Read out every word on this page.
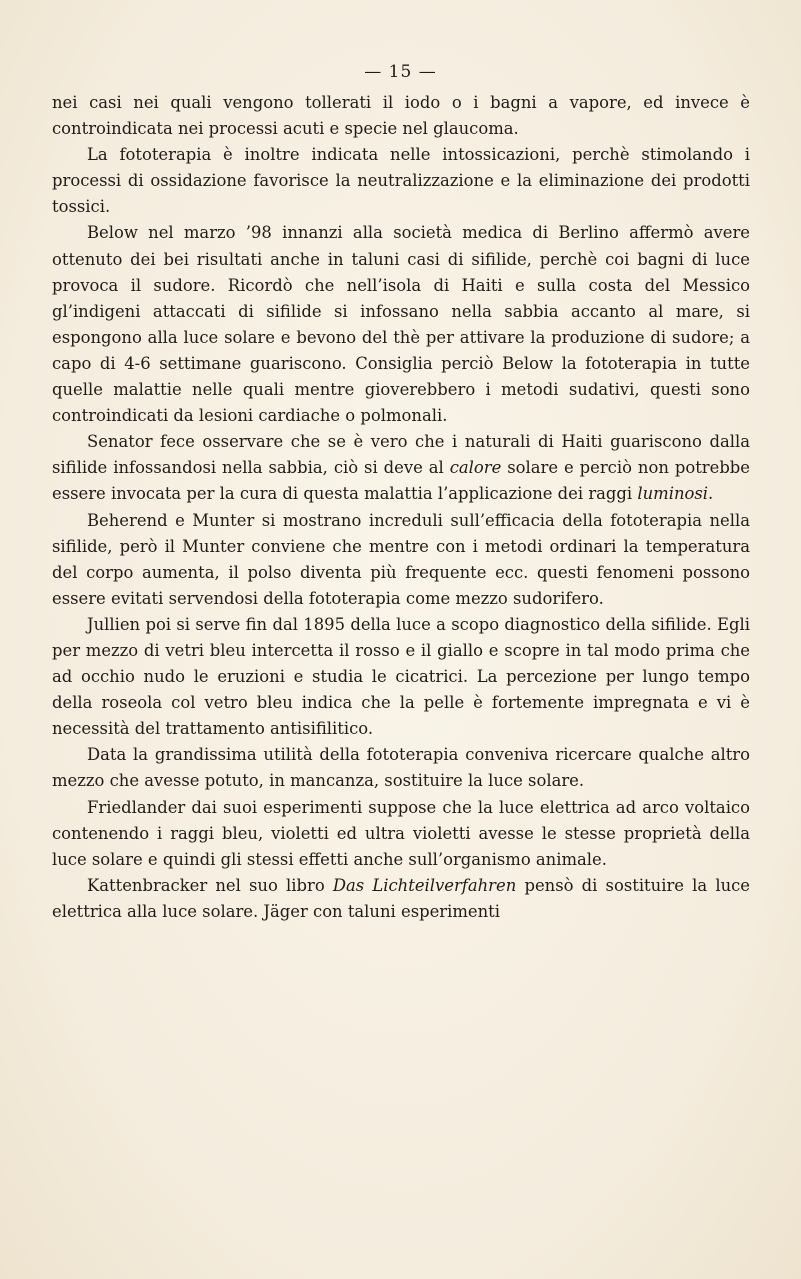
— 15 —

nei casi nei quali vengono tollerati il iodo o i bagni a vapore, ed invece è controindicata nei processi acuti e specie nel glaucoma.

La fototerapia è inoltre indicata nelle intossicazioni, perchè stimolando i processi di ossidazione favorisce la neutralizzazione e la eliminazione dei prodotti tossici.

Below nel marzo ’98 innanzi alla società medica di Berlino affermò avere ottenuto dei bei risultati anche in taluni casi di sifilide, perchè coi bagni di luce provoca il sudore. Ricordò che nell’isola di Haiti e sulla costa del Messico gl’indigeni attaccati di sifilide si infossano nella sabbia accanto al mare, si espongono alla luce solare e bevono del thè per attivare la produzione di sudore; a capo di 4-6 settimane guariscono. Consiglia perciò Below la fototerapia in tutte quelle malattie nelle quali mentre gioverebbero i metodi sudativi, questi sono controindicati da lesioni cardiache o polmonali.

Senator fece osservare che se è vero che i naturali di Haiti guariscono dalla sifilide infossandosi nella sabbia, ciò si deve al calore solare e perciò non potrebbe essere invocata per la cura di questa malattia l’applicazione dei raggi luminosi.

Beherend e Munter si mostrano increduli sull’efficacia della fototerapia nella sifilide, però il Munter conviene che mentre con i metodi ordinari la temperatura del corpo aumenta, il polso diventa più frequente ecc. questi fenomeni possono essere evitati servendosi della fototerapia come mezzo sudorifero.

Jullien poi si serve fin dal 1895 della luce a scopo diagnostico della sifilide. Egli per mezzo di vetri bleu intercetta il rosso e il giallo e scopre in tal modo prima che ad occhio nudo le eruzioni e studia le cicatrici. La percezione per lungo tempo della roseola col vetro bleu indica che la pelle è fortemente impregnata e vi è necessità del trattamento antisifilitico.

Data la grandissima utilità della fototerapia conveniva ricercare qualche altro mezzo che avesse potuto, in mancanza, sostituire la luce solare.

Friedlander dai suoi esperimenti suppose che la luce elettrica ad arco voltaico contenendo i raggi bleu, violetti ed ultra violetti avesse le stesse proprietà della luce solare e quindi gli stessi effetti anche sull’organismo animale.

Kattenbracker nel suo libro Das Lichteilverfahren pensò di sostituire la luce elettrica alla luce solare. Jäger con taluni esperimenti
